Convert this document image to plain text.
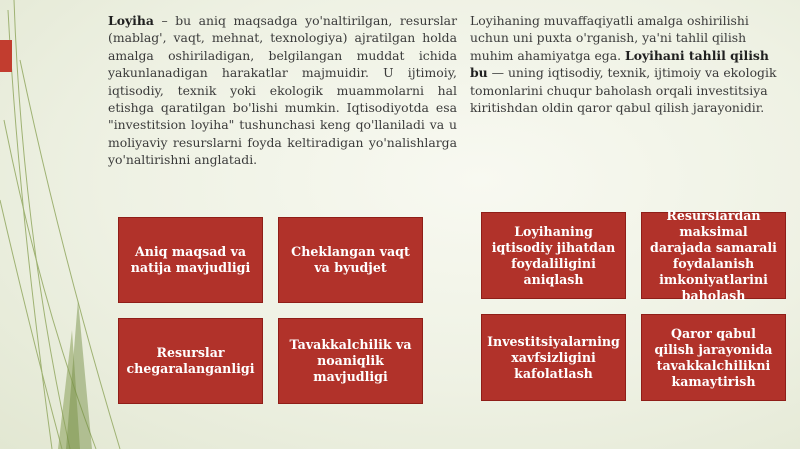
Loyiha – bu aniq maqsadga yo'naltirilgan, resurslar (mablag', vaqt, mehnat, texnologiya) ajratilgan holda amalga oshiriladigan, belgilangan muddat ichida yakunlanadigan harakatlar majmuidir. U ijtimoiy, iqtisodiy, texnik yoki ekologik muammolarni hal etishga qaratilgan bo'lishi mumkin. Iqtisodiyotda esa "investitsion loyiha" tushunchasi keng qo'llaniladi va u moliyaviy resurslarni foyda keltiradigan yo'nalishlarga yo'naltirishni anglatadi.
Loyihaning muvaffaqiyatli amalga oshirilishi uchun uni puxta o'rganish, ya'ni tahlil qilish muhim ahamiyatga ega. Loyihani tahlil qilish bu — uning iqtisodiy, texnik, ijtimoiy va ekologik tomonlarini chuqur baholash orqali investitsiya kiritishdan oldin qaror qabul qilish jarayonidir.
Aniq maqsad va natija mavjudligi
Cheklangan vaqt va byudjet
Resurslar chegaralanganligi
Tavakkalchilik va noaniqlik mavjudligi
Loyihaning iqtisodiy jihatdan foydaliligini aniqlash
Resurslardan maksimal darajada samarali foydalanish imkoniyatlarini baholash
Investitsiyalarning xavfsizligini kafolatlash
Qaror qabul qilish jarayonida tavakkalchilikni kamaytirish
